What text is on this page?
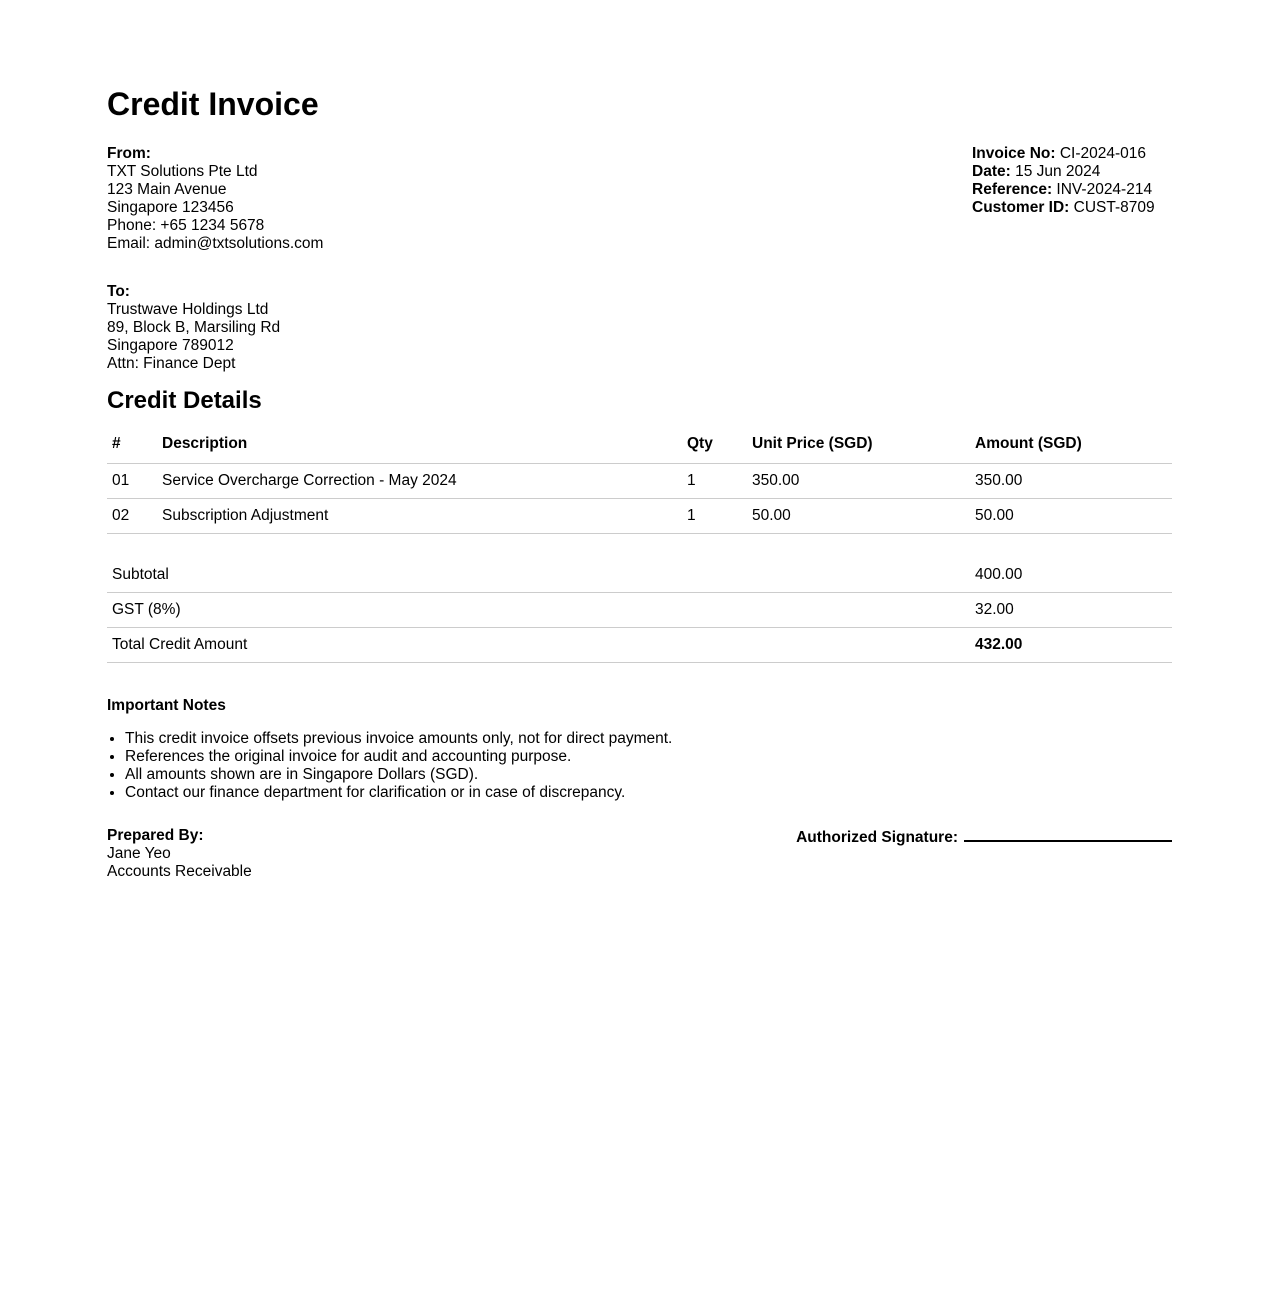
Credit Invoice
From:
TXT Solutions Pte Ltd
123 Main Avenue
Singapore 123456
Phone: +65 1234 5678
Email: admin@txtsolutions.com
Invoice No: CI-2024-016
Date: 15 Jun 2024
Reference: INV-2024-214
Customer ID: CUST-8709
To:
Trustwave Holdings Ltd
89, Block B, Marsiling Rd
Singapore 789012
Attn: Finance Dept
Credit Details
#	Description	Qty	Unit Price (SGD)	Amount (SGD)
01	Service Overcharge Correction - May 2024	1	350.00	350.00
02	Subscription Adjustment	1	50.00	50.00
Subtotal	400.00
GST (8%)	32.00
Total Credit Amount	432.00
Important Notes
• This credit invoice offsets previous invoice amounts only, not for direct payment.
• References the original invoice for audit and accounting purpose.
• All amounts shown are in Singapore Dollars (SGD).
• Contact our finance department for clarification or in case of discrepancy.
Prepared By:
Jane Yeo
Accounts Receivable
Authorized Signature:
